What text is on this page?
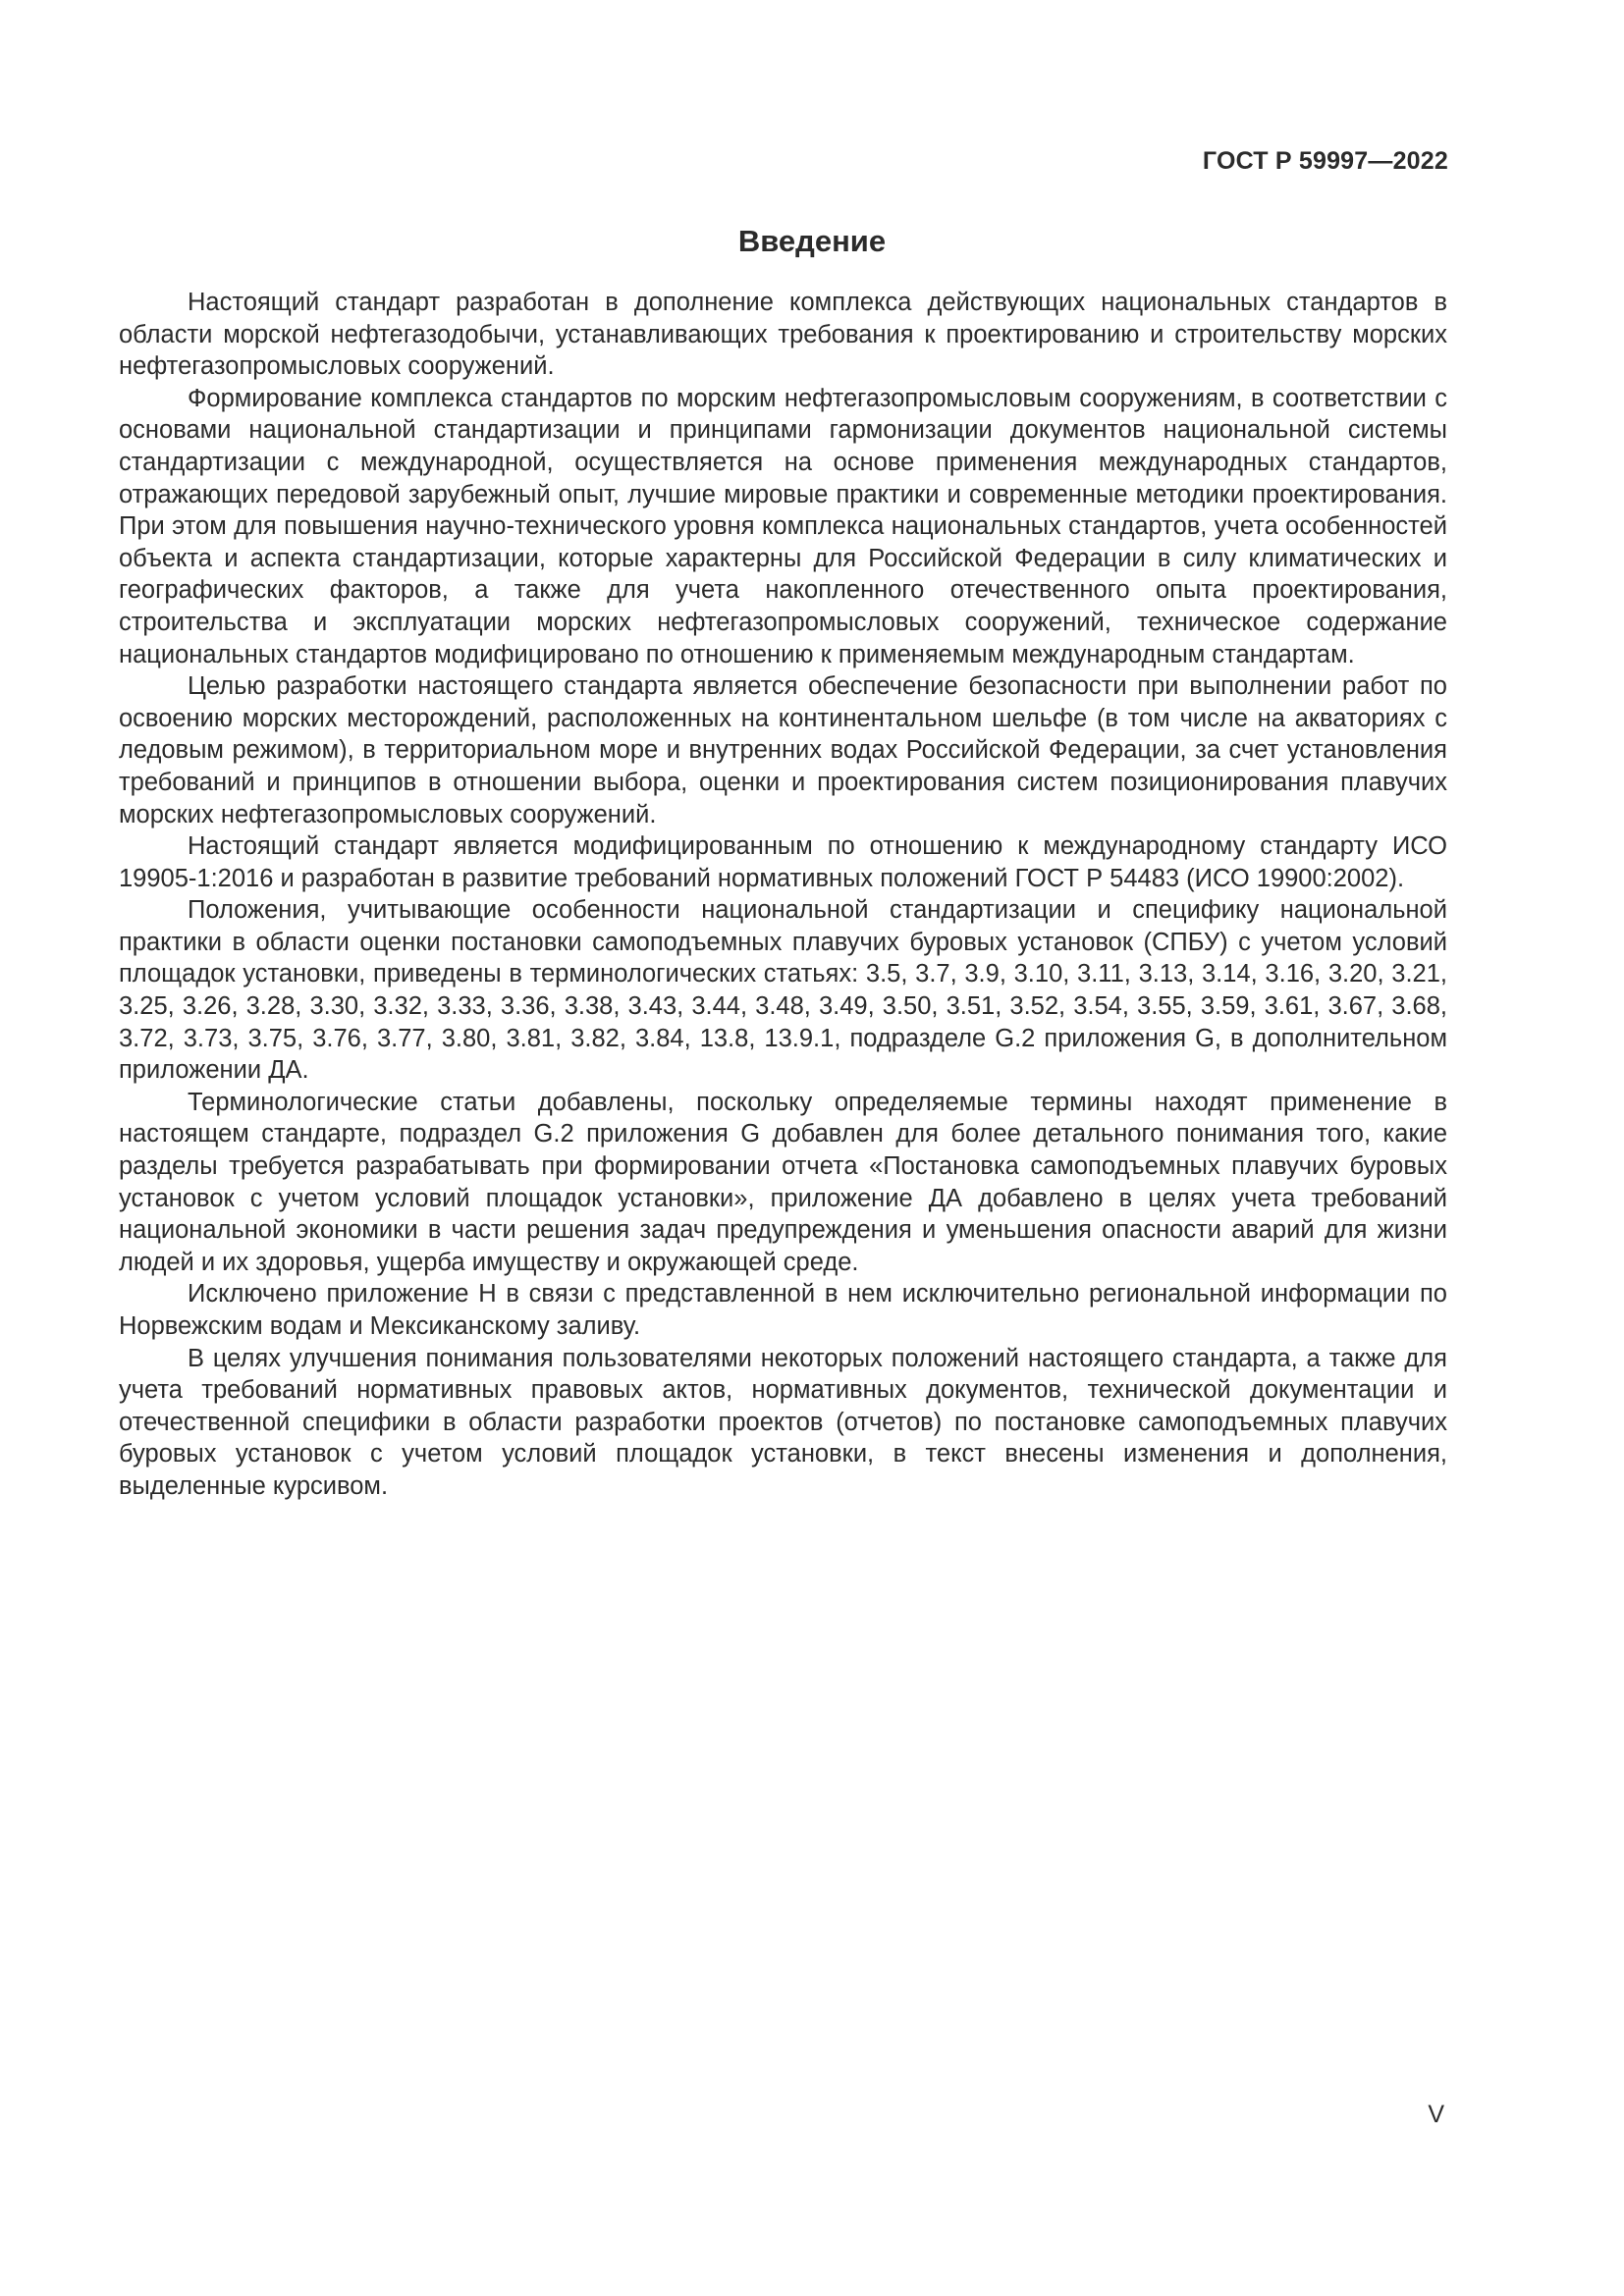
ГОСТ Р 59997—2022
Введение

Настоящий стандарт разработан в дополнение комплекса действующих национальных стандартов в области морской нефтегазодобычи, устанавливающих требования к проектированию и строительству морских нефтегазопромысловых сооружений.

Формирование комплекса стандартов по морским нефтегазопромысловым сооружениям, в соответствии с основами национальной стандартизации и принципами гармонизации документов национальной системы стандартизации с международной, осуществляется на основе применения международных стандартов, отражающих передовой зарубежный опыт, лучшие мировые практики и современные методики проектирования. При этом для повышения научно-технического уровня комплекса национальных стандартов, учета особенностей объекта и аспекта стандартизации, которые характерны для Российской Федерации в силу климатических и географических факторов, а также для учета накопленного отечественного опыта проектирования, строительства и эксплуатации морских нефтегазопромысловых сооружений, техническое содержание национальных стандартов модифицировано по отношению к применяемым международным стандартам.

Целью разработки настоящего стандарта является обеспечение безопасности при выполнении работ по освоению морских месторождений, расположенных на континентальном шельфе (в том числе на акваториях с ледовым режимом), в территориальном море и внутренних водах Российской Федерации, за счет установления требований и принципов в отношении выбора, оценки и проектирования систем позиционирования плавучих морских нефтегазопромысловых сооружений.

Настоящий стандарт является модифицированным по отношению к международному стандарту ИСО 19905-1:2016 и разработан в развитие требований нормативных положений ГОСТ Р 54483 (ИСО 19900:2002).

Положения, учитывающие особенности национальной стандартизации и специфику национальной практики в области оценки постановки самоподъемных плавучих буровых установок (СПБУ) с учетом условий площадок установки, приведены в терминологических статьях: 3.5, 3.7, 3.9, 3.10, 3.11, 3.13, 3.14, 3.16, 3.20, 3.21, 3.25, 3.26, 3.28, 3.30, 3.32, 3.33, 3.36, 3.38, 3.43, 3.44, 3.48, 3.49, 3.50, 3.51, 3.52, 3.54, 3.55, 3.59, 3.61, 3.67, 3.68, 3.72, 3.73, 3.75, 3.76, 3.77, 3.80, 3.81, 3.82, 3.84, 13.8, 13.9.1, подразделе G.2 приложения G, в дополнительном приложении ДА.

Терминологические статьи добавлены, поскольку определяемые термины находят применение в настоящем стандарте, подраздел G.2 приложения G добавлен для более детального понимания того, какие разделы требуется разрабатывать при формировании отчета «Постановка самоподъемных плавучих буровых установок с учетом условий площадок установки», приложение ДА добавлено в целях учета требований национальной экономики в части решения задач предупреждения и уменьшения опасности аварий для жизни людей и их здоровья, ущерба имуществу и окружающей среде.

Исключено приложение Н в связи с представленной в нем исключительно региональной информации по Норвежским водам и Мексиканскому заливу.

В целях улучшения понимания пользователями некоторых положений настоящего стандарта, а также для учета требований нормативных правовых актов, нормативных документов, технической документации и отечественной специфики в области разработки проектов (отчетов) по постановке самоподъемных плавучих буровых установок с учетом условий площадок установки, в текст внесены изменения и дополнения, выделенные курсивом.

V
